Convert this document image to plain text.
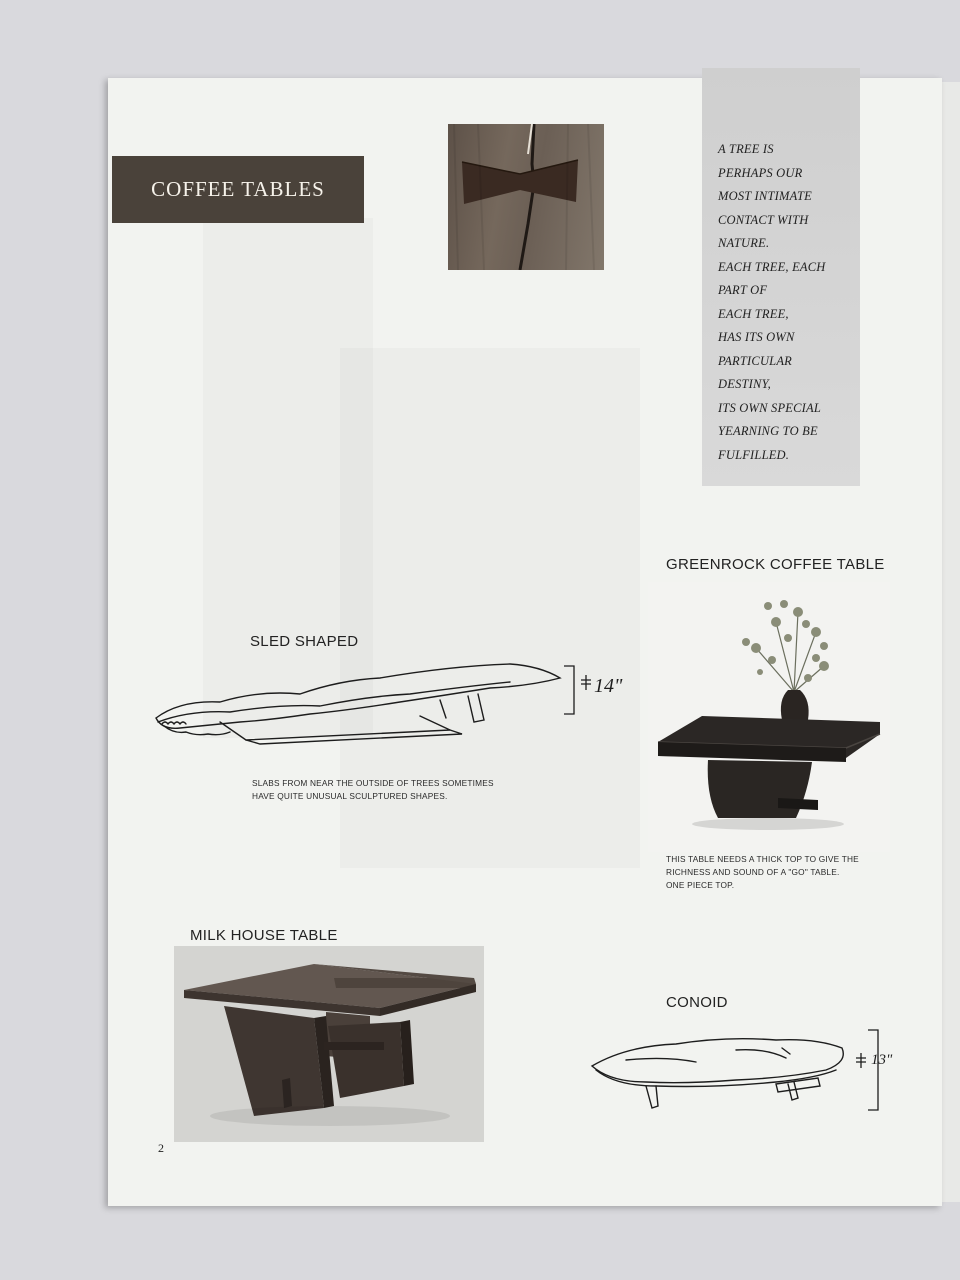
COFFEE TABLES
A TREE IS
PERHAPS OUR
MOST INTIMATE
CONTACT WITH
NATURE.
EACH TREE, EACH
PART OF
EACH TREE,
HAS ITS OWN
PARTICULAR
DESTINY,
ITS OWN SPECIAL
YEARNING TO BE
FULFILLED.
GREENROCK COFFEE TABLE
THIS TABLE NEEDS A THICK TOP TO GIVE THE
RICHNESS AND SOUND OF A "GO" TABLE.
ONE PIECE TOP.
SLED SHAPED
14"
SLABS FROM NEAR THE OUTSIDE OF TREES SOMETIMES
HAVE QUITE UNUSUAL SCULPTURED SHAPES.
MILK HOUSE TABLE
CONOID
13"
2
